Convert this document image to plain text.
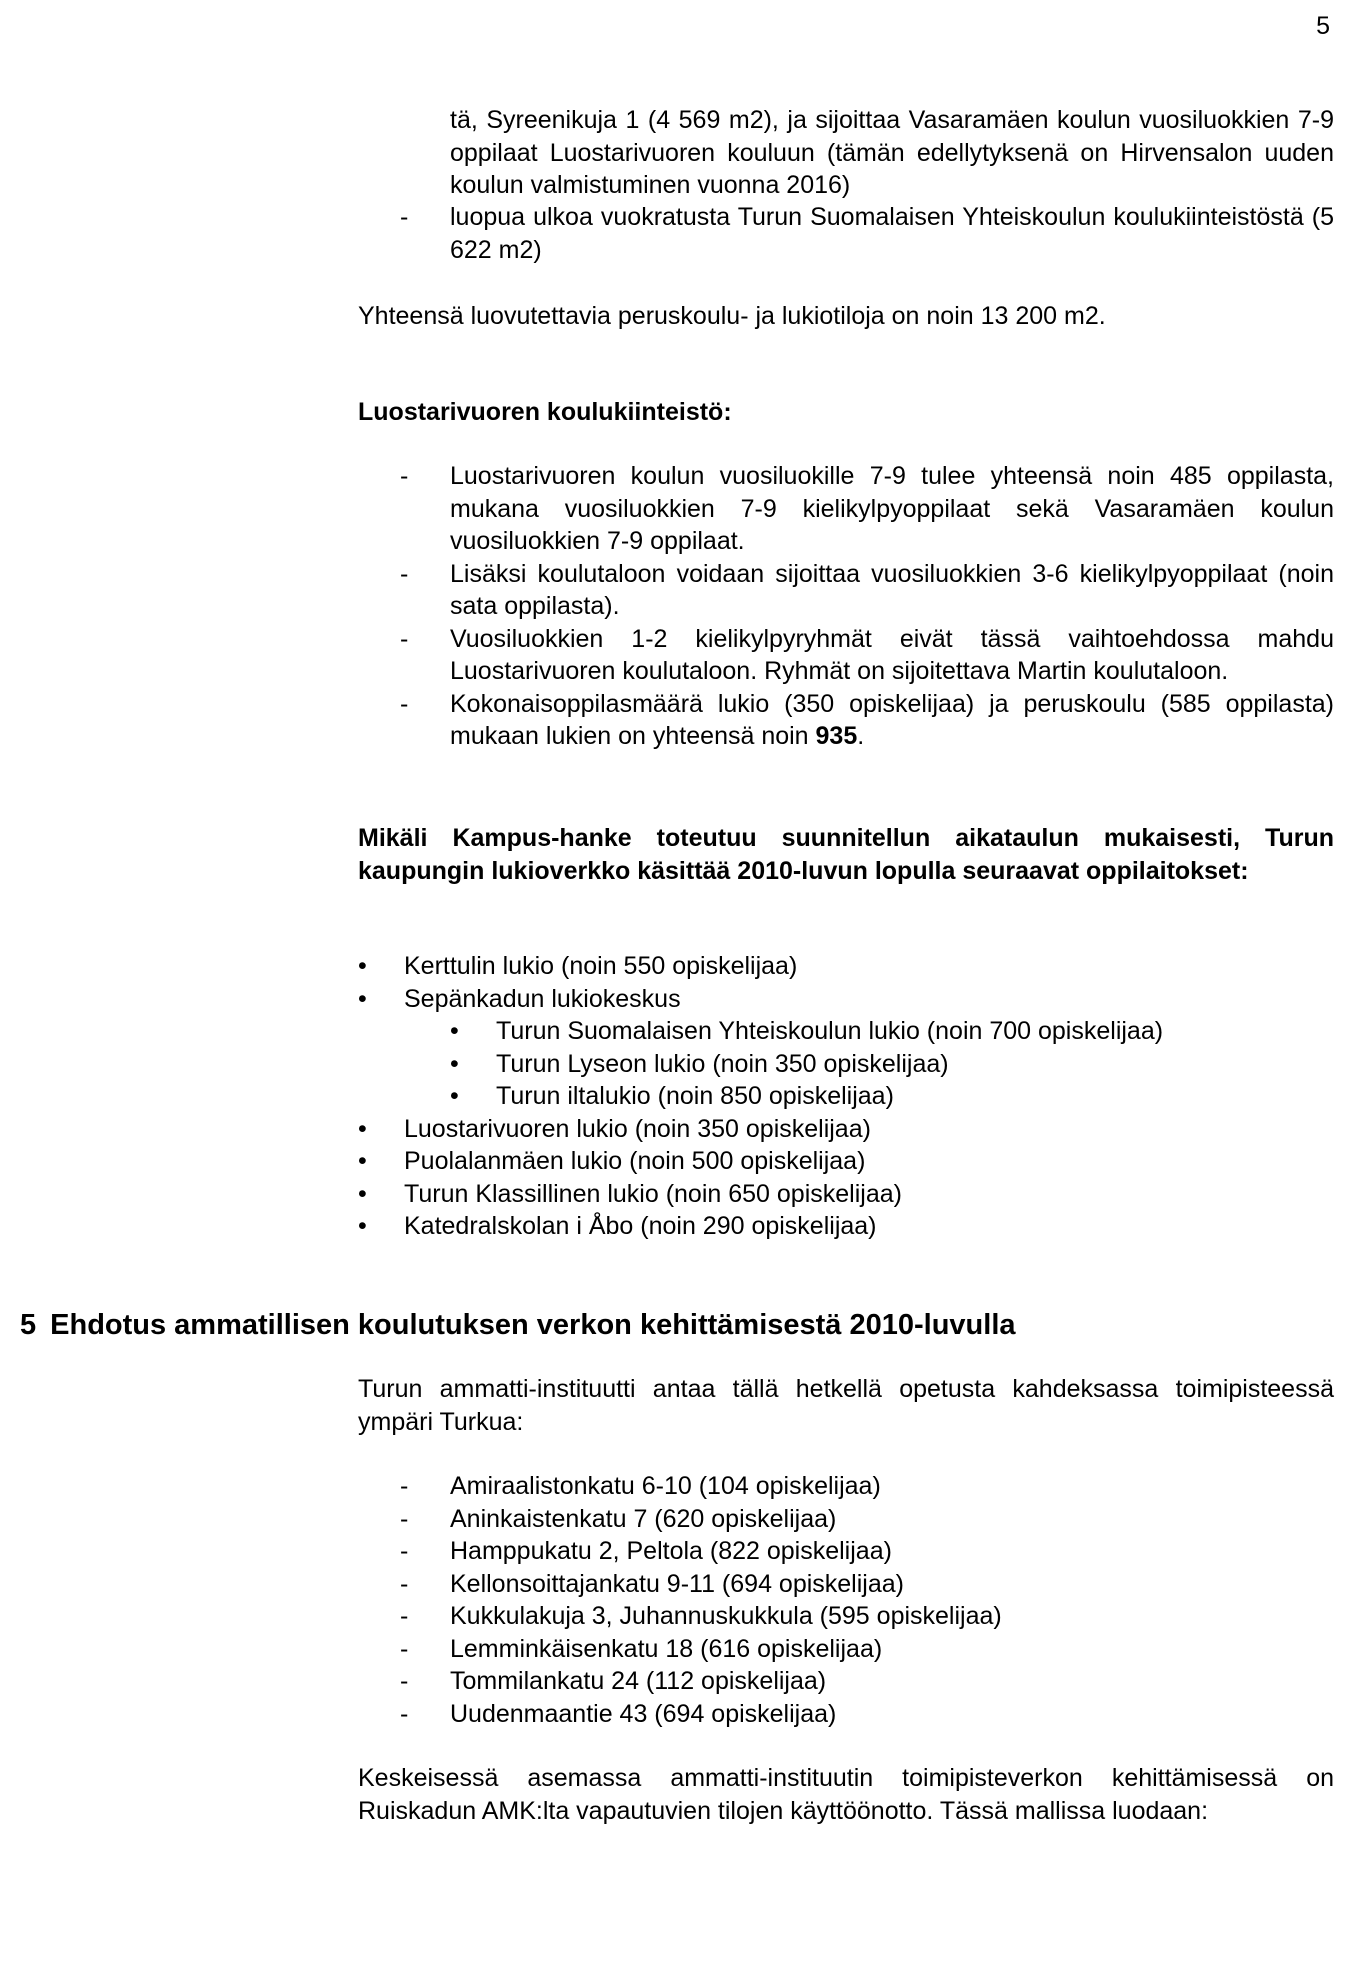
5
tä, Syreenikuja 1 (4 569 m2), ja sijoittaa Vasaramäen koulun vuosiluokkien 7-9 oppilaat Luostarivuoren kouluun (tämän edellytyksenä on Hirvensalon uuden koulun valmistuminen vuonna 2016)
- luopua ulkoa vuokratusta Turun Suomalaisen Yhteiskoulun koulukiinteistöstä (5 622 m2)
Yhteensä luovutettavia peruskoulu- ja lukiotiloja on noin 13 200 m2.
Luostarivuoren koulukiinteistö:
- Luostarivuoren koulun vuosiluokille 7-9 tulee yhteensä noin 485 oppilasta, mukana vuosiluokkien 7-9 kielikylpyoppilaat sekä Vasaramäen koulun vuosiluokkien 7-9 oppilaat.
- Lisäksi koulutaloon voidaan sijoittaa vuosiluokkien 3-6 kielikylpyoppilaat (noin sata oppilasta).
- Vuosiluokkien 1-2 kielikylpyryhmät eivät tässä vaihtoehdossa mahdu Luostarivuoren koulutaloon. Ryhmät on sijoitettava Martin koulutaloon.
- Kokonaisoppilasmäärä lukio (350 opiskelijaa) ja peruskoulu (585 oppilasta) mukaan lukien on yhteensä noin 935.
Mikäli Kampus-hanke toteutuu suunnitellun aikataulun mukaisesti, Turun kaupungin lukioverkko käsittää 2010-luvun lopulla seuraavat oppilaitokset:
• Kerttulin lukio (noin 550 opiskelijaa)
• Sepänkadun lukiokeskus
• Turun Suomalaisen Yhteiskoulun lukio (noin 700 opiskelijaa)
• Turun Lyseon lukio (noin 350 opiskelijaa)
• Turun iltalukio (noin 850 opiskelijaa)
• Luostarivuoren lukio (noin 350 opiskelijaa)
• Puolalanmäen lukio (noin 500 opiskelijaa)
• Turun Klassillinen lukio (noin 650 opiskelijaa)
• Katedralskolan i Åbo (noin 290 opiskelijaa)
5 Ehdotus ammatillisen koulutuksen verkon kehittämisestä 2010-luvulla
Turun ammatti-instituutti antaa tällä hetkellä opetusta kahdeksassa toimipisteessä ympäri Turkua:
- Amiraalistonkatu 6-10 (104 opiskelijaa)
- Aninkaistenkatu 7 (620 opiskelijaa)
- Hamppukatu 2, Peltola (822 opiskelijaa)
- Kellonsoittajankatu 9-11 (694 opiskelijaa)
- Kukkulakuja 3, Juhannuskukkula (595 opiskelijaa)
- Lemminkäisenkatu 18 (616 opiskelijaa)
- Tommilankatu 24 (112 opiskelijaa)
- Uudenmaantie 43 (694 opiskelijaa)
Keskeisessä asemassa ammatti-instituutin toimipisteverkon kehittämisessä on Ruiskadun AMK:lta vapautuvien tilojen käyttöönotto. Tässä mallissa luodaan:
